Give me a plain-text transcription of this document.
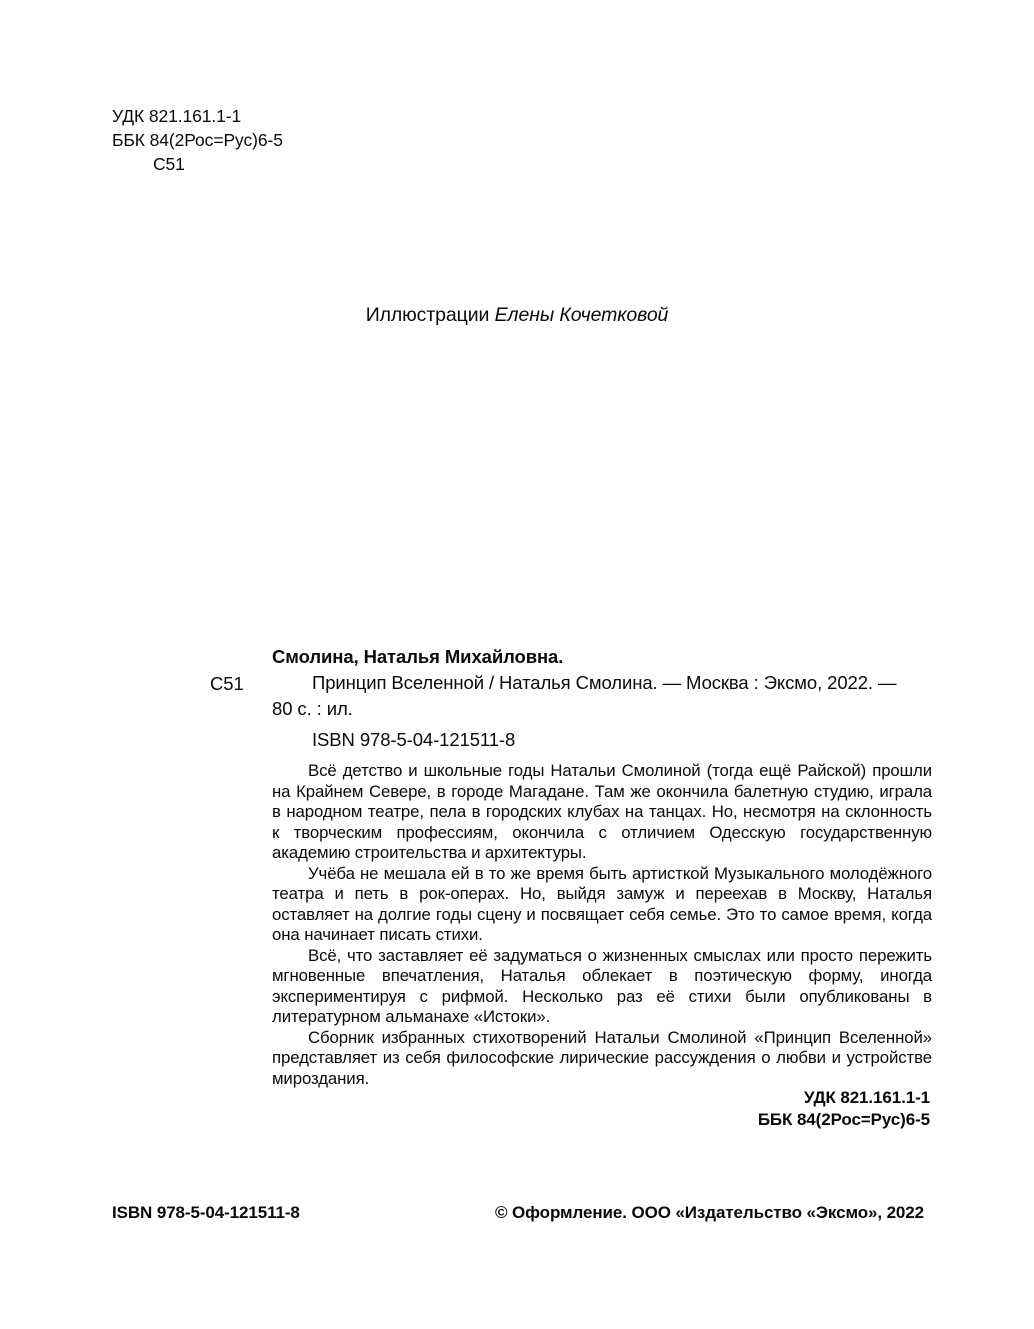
УДК 821.161.1-1
ББК 84(2Рос=Рус)6-5
С51
Иллюстрации Елены Кочетковой
С51
Смолина, Наталья Михайловна.

Принцип Вселенной / Наталья Смолина. — Москва : Эксмо, 2022. — 80 с. : ил.

ISBN 978-5-04-121511-8

Всё детство и школьные годы Натальи Смолиной (тогда ещё Райской) прошли на Крайнем Севере, в городе Магадане. Там же окончила балетную студию, играла в народном театре, пела в городских клубах на танцах. Но, несмотря на склонность к творческим профессиям, окончила с отличием Одесскую государственную академию строительства и архитектуры.

Учёба не мешала ей в то же время быть артисткой Музыкального молодёжного театра и петь в рок-операх. Но, выйдя замуж и переехав в Москву, Наталья оставляет на долгие годы сцену и посвящает себя семье. Это то самое время, когда она начинает писать стихи.

Всё, что заставляет её задуматься о жизненных смыслах или просто пережить мгновенные впечатления, Наталья облекает в поэтическую форму, иногда экспериментируя с рифмой. Несколько раз её стихи были опубликованы в литературном альманахе «Истоки».

Сборник избранных стихотворений Натальи Смолиной «Принцип Вселенной» представляет из себя философские лирические рассуждения о любви и устройстве мироздания.

УДК 821.161.1-1
ББК 84(2Рос=Рус)6-5
ISBN 978-5-04-121511-8	© Оформление. ООО «Издательство «Эксмо», 2022
